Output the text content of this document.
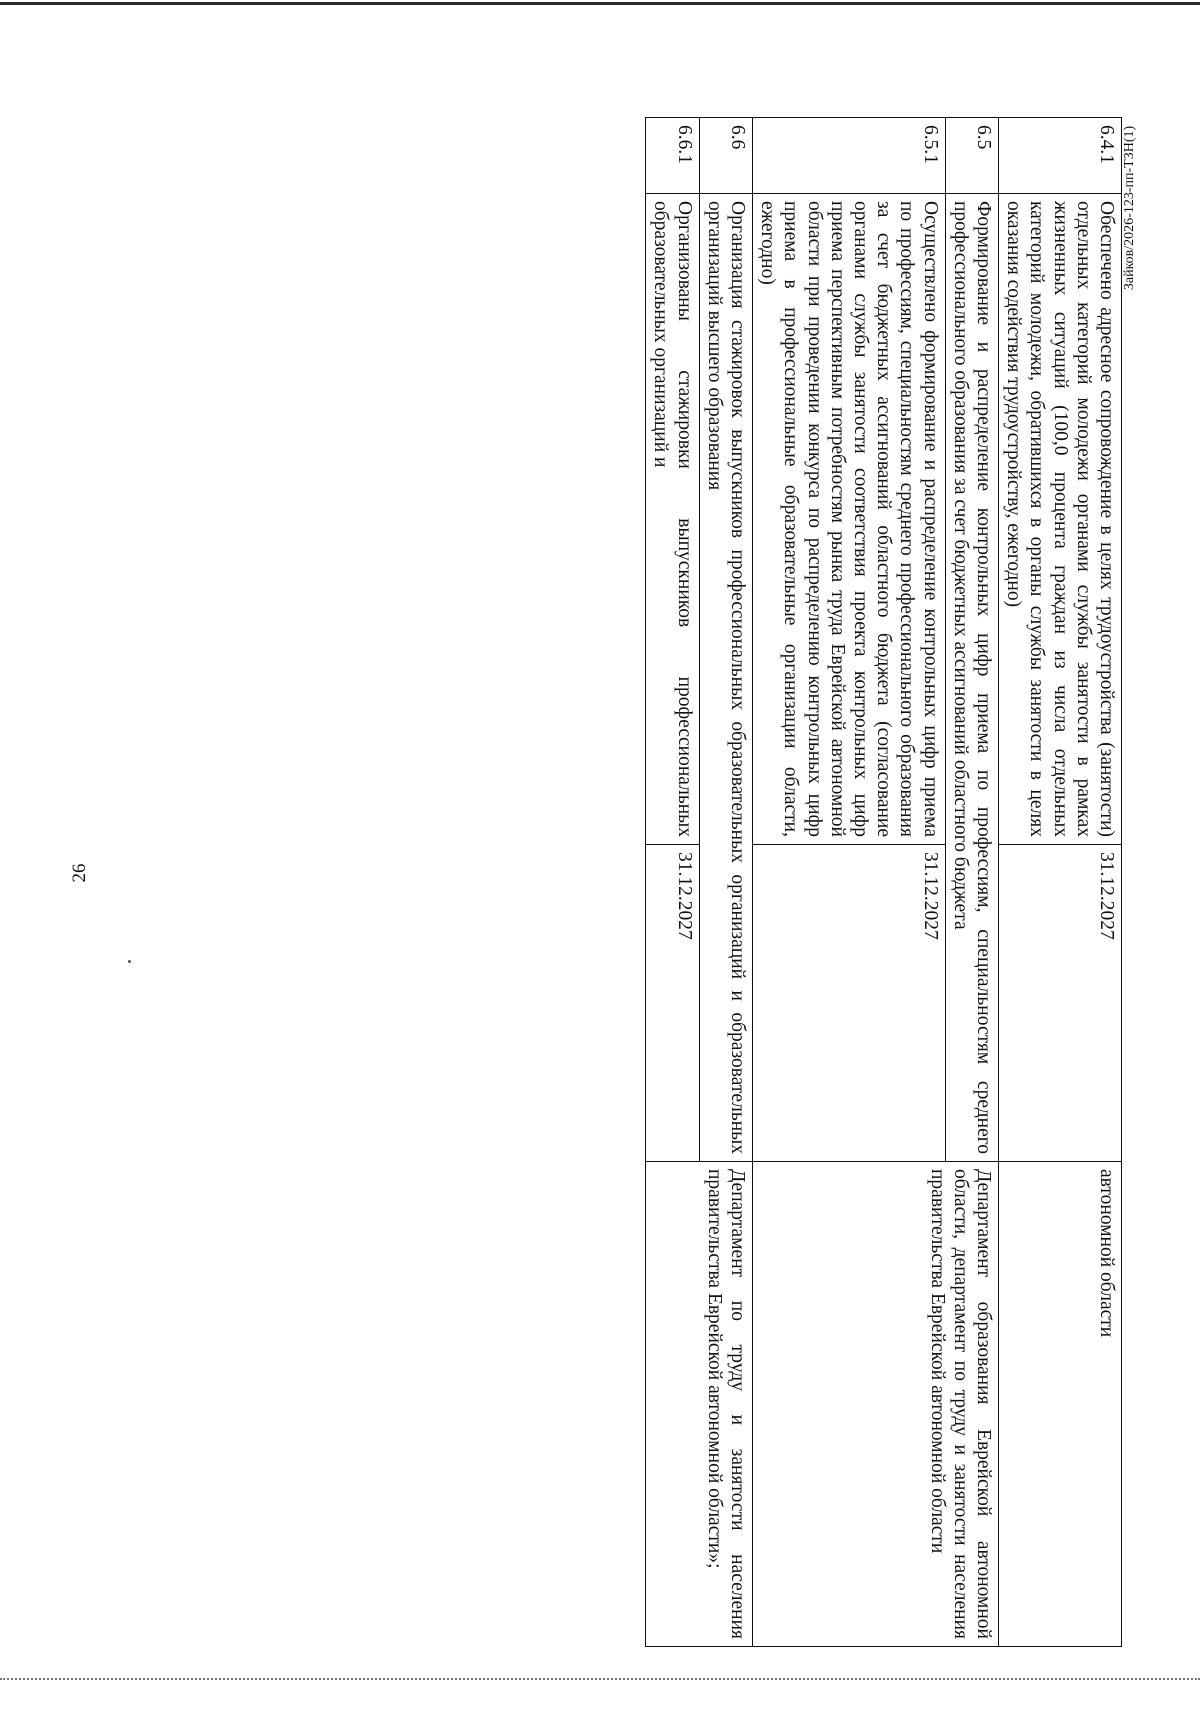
26
6.4.1	Обеспечено адресное сопровождение в целях трудоустройства (занятости) отдельных категорий молодежи органами службы занятости в рамках жизненных ситуаций (100,0 процента граждан из числа отдельных категорий молодежи, обратившихся в органы службы занятости в целях оказания содействия трудоустройству, ежегодно)	31.12.2027	автономной области
6.5	Формирование и распределение контрольных цифр приема по профессиям, специальностям среднего профессионального образования за счет бюджетных ассигнований областного бюджета		Департамент образования Еврейской автономной области, департамент по труду и занятости населения правительства Еврейской автономной области
6.5.1	Осуществлено формирование и распределение контрольных цифр приема по профессиям, специальностям среднего профессионального образования за счет бюджетных ассигнований областного бюджета (согласование органами службы занятости соответствия проекта контрольных цифр приема перспективным потребностям рынка труда Еврейской автономной области при проведении конкурса по распределению контрольных цифр приема в профессиональные образовательные организации области, ежегодно)	31.12.2027	
6.6	Организация стажировок выпускников профессиональных образовательных организаций и образовательных организаций высшего образования		Департамент по труду и занятости населения правительства Еврейской автономной области»;
6.6.1	Организованы стажировки выпускников профессиональных образовательных организаций и	31.12.2027	
Зайков/2026-123-пп-ТЗН(1)
